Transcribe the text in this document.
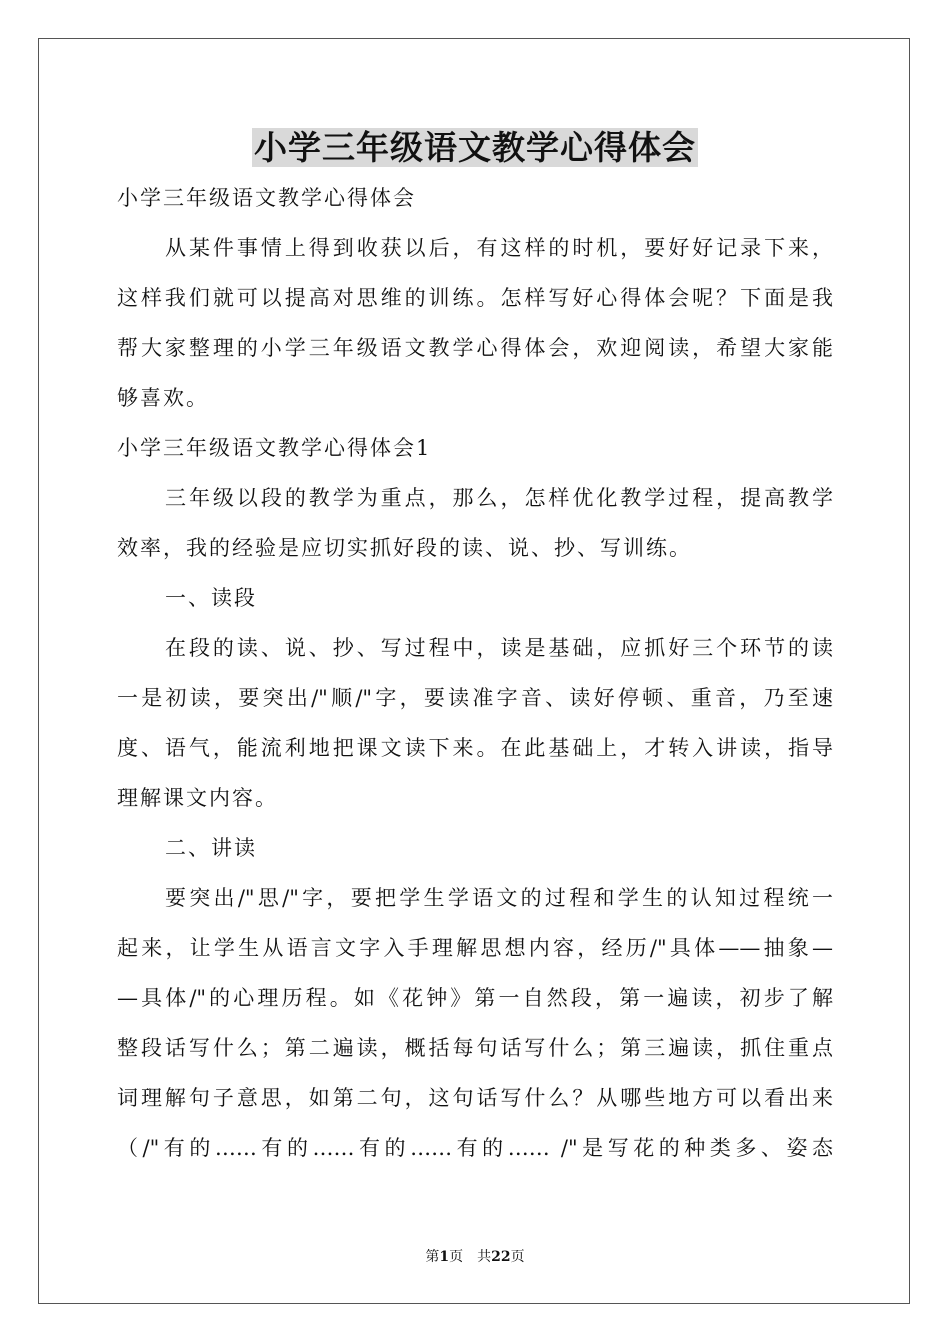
小学三年级语文教学心得体会
小学三年级语文教学心得体会
从某件事情上得到收获以后，有这样的时机，要好好记录下来，
这样我们就可以提高对思维的训练。怎样写好心得体会呢？下面是我
帮大家整理的小学三年级语文教学心得体会，欢迎阅读，希望大家能
够喜欢。
小学三年级语文教学心得体会1
三年级以段的教学为重点，那么，怎样优化教学过程，提高教学
效率，我的经验是应切实抓好段的读、说、抄、写训练。
一、读段
在段的读、说、抄、写过程中，读是基础，应抓好三个环节的读
一是初读，要突出/"顺/"字，要读准字音、读好停顿、重音，乃至速
度、语气，能流利地把课文读下来。在此基础上，才转入讲读，指导
理解课文内容。
二、讲读
要突出/"思/"字，要把学生学语文的过程和学生的认知过程统一
起来，让学生从语言文字入手理解思想内容，经历/"具体——抽象—
—具体/"的心理历程。如《花钟》第一自然段，第一遍读，初步了解
整段话写什么；第二遍读，概括每句话写什么；第三遍读，抓住重点
词理解句子意思，如第二句，这句话写什么？从哪些地方可以看出来
（/"有的……有的……有的……有的…… /"是写花的种类多、姿态
第1页 共22页
